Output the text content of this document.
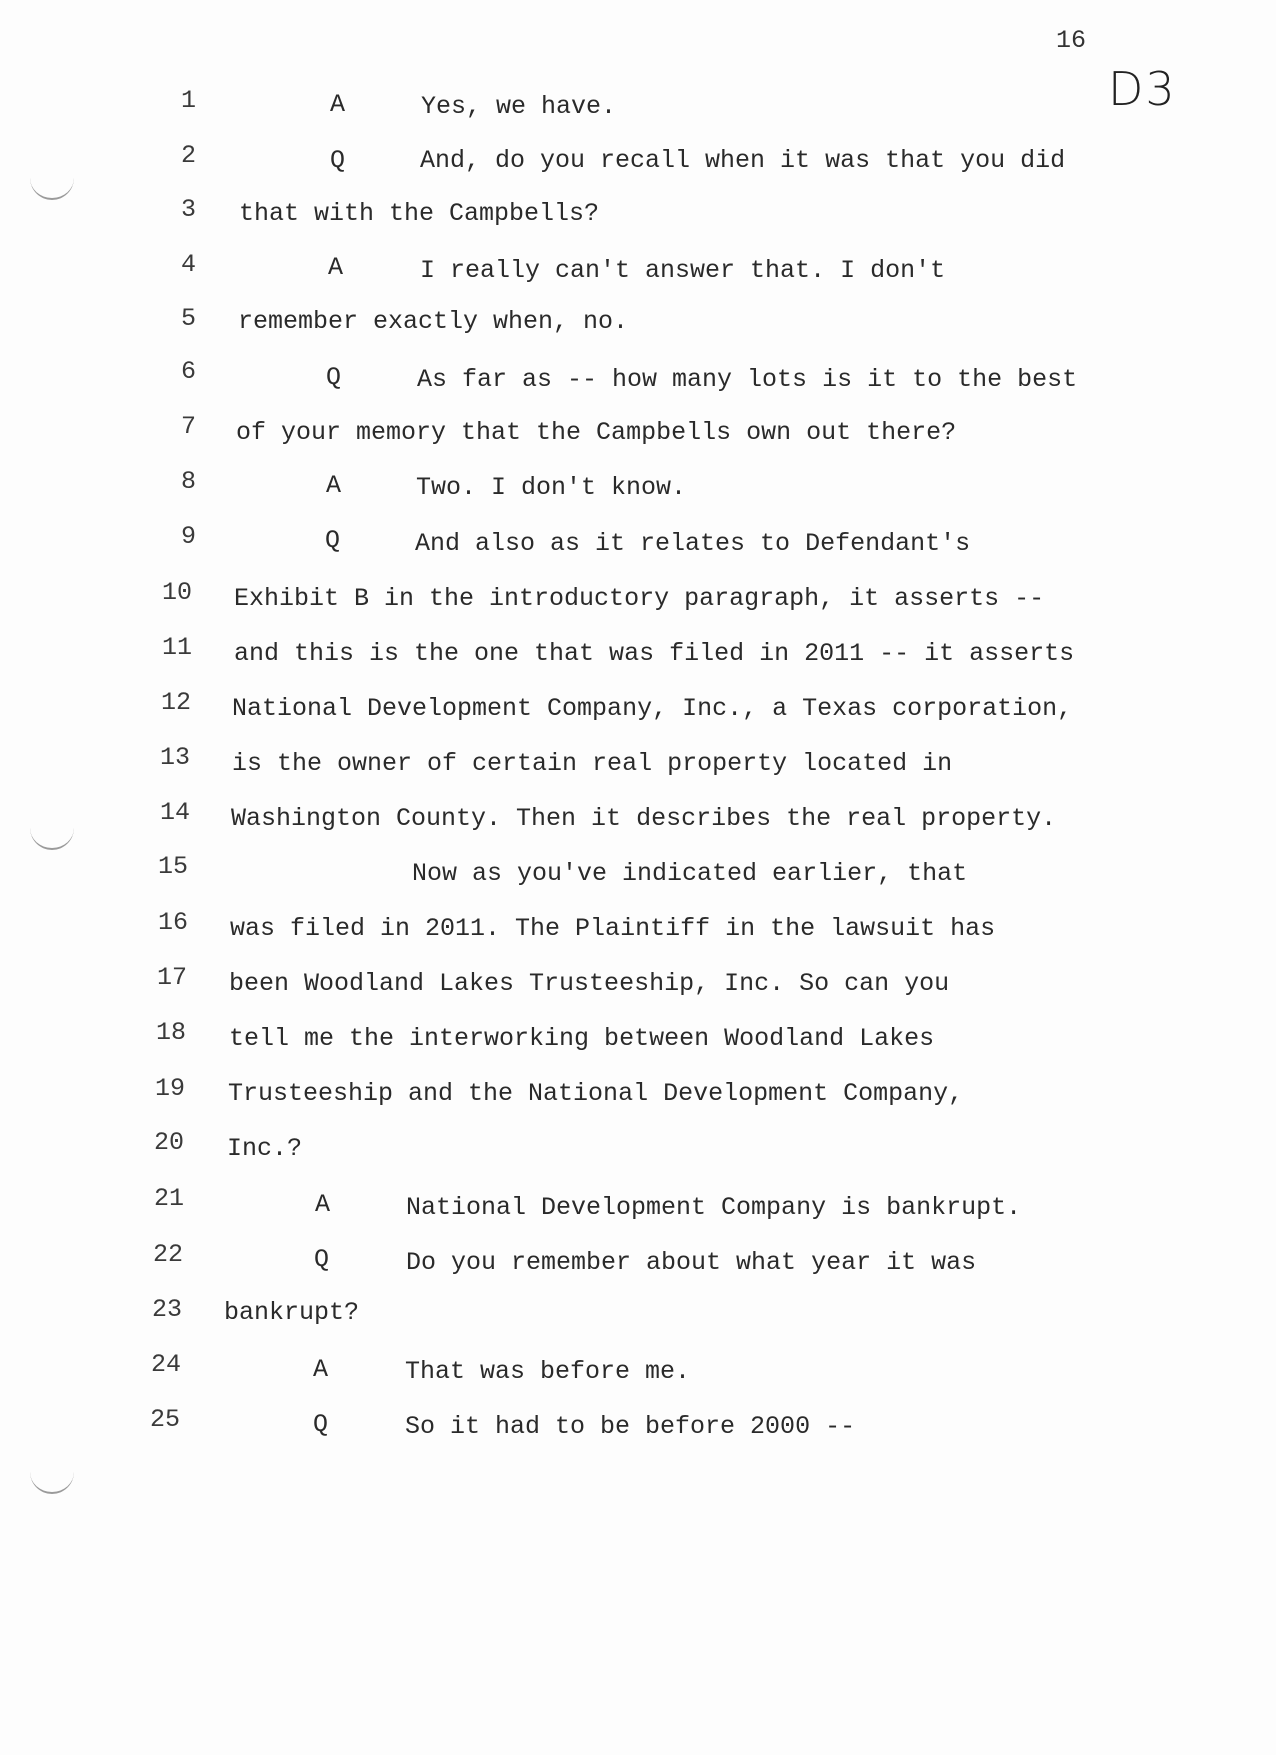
16
D3
1	A	Yes, we have.
2	Q	And, do you recall when it was that you did
3 that with the Campbells?
4	A	I really can't answer that. I don't
5 remember exactly when, no.
6	Q	As far as -- how many lots is it to the best
7 of your memory that the Campbells own out there?
8	A	Two. I don't know.
9	Q	And also as it relates to Defendant's
10 Exhibit B in the introductory paragraph, it asserts --
11 and this is the one that was filed in 2011 -- it asserts
12 National Development Company, Inc., a Texas corporation,
13 is the owner of certain real property located in
14 Washington County. Then it describes the real property.
15	Now as you've indicated earlier, that
16 was filed in 2011. The Plaintiff in the lawsuit has
17 been Woodland Lakes Trusteeship, Inc. So can you
18 tell me the interworking between Woodland Lakes
19 Trusteeship and the National Development Company,
20 Inc.?
21	A	National Development Company is bankrupt.
22	Q	Do you remember about what year it was
23 bankrupt?
24	A	That was before me.
25	Q	So it had to be before 2000 --
